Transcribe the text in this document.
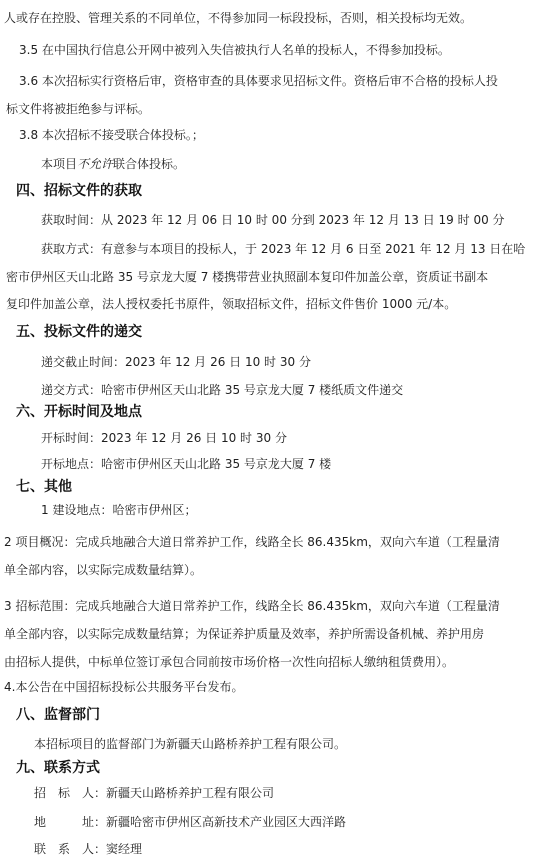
人或存在控股、管理关系的不同单位，不得参加同一标段投标，否则，相关投标均无效。
3.5 在中国执行信息公开网中被列入失信被执行人名单的投标人，不得参加投标。
3.6 本次招标实行资格后审，资格审查的具体要求见招标文件。资格后审不合格的投标人投
标文件将被拒绝参与评标。
3.8 本次招标不接受联合体投标。；
本项目不允许联合体投标。
四、招标文件的获取
获取时间：从 2023 年 12 月 06 日 10 时 00 分到 2023 年 12 月 13 日 19 时 00 分
获取方式：有意参与本项目的投标人，于 2023 年 12 月 6 日至 2021 年 12 月 13 日在哈
密市伊州区天山北路 35 号京龙大厦 7 楼携带营业执照副本复印件加盖公章，资质证书副本
复印件加盖公章，法人授权委托书原件，领取招标文件，招标文件售价 1000 元/本。
五、投标文件的递交
递交截止时间：2023 年 12 月 26 日 10 时 30 分
递交方式：哈密市伊州区天山北路 35 号京龙大厦 7 楼纸质文件递交
六、开标时间及地点
开标时间：2023 年 12 月 26 日 10 时 30 分
开标地点：哈密市伊州区天山北路 35 号京龙大厦 7 楼
七、其他
1 建设地点：哈密市伊州区；
2 项目概况：完成兵地融合大道日常养护工作，线路全长 86.435km，双向六车道（工程量清
单全部内容，以实际完成数量结算）。
3 招标范围：完成兵地融合大道日常养护工作，线路全长 86.435km，双向六车道（工程量清
单全部内容，以实际完成数量结算；为保证养护质量及效率，养护所需设备机械、养护用房
由招标人提供，中标单位签订承包合同前按市场价格一次性向招标人缴纳租赁费用）。
4.本公告在中国招标投标公共服务平台发布。
八、监督部门
本招标项目的监督部门为新疆天山路桥养护工程有限公司。
九、联系方式
招　标　人：新疆天山路桥养护工程有限公司
地　　　址：新疆哈密市伊州区高新技术产业园区大西洋路
联　系　人：窦经理
